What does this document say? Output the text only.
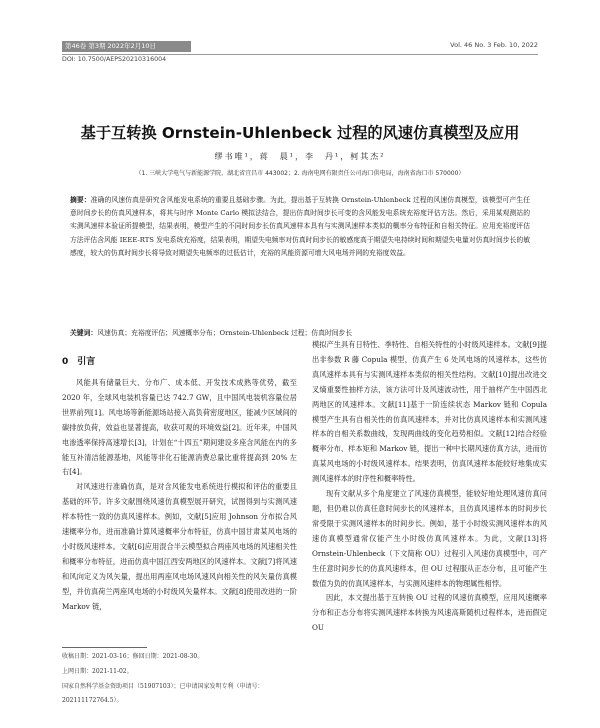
第46卷 第3期 2022年2月10日	Vol. 46 No. 3 Feb. 10, 2022
DOI: 10.7500/AEPS20210316004
基于互转换 Ornstein-Uhlenbeck 过程的风速仿真模型及应用
缪书唯¹，蒋　晨¹，李　丹¹，柯其杰²
（1. 三峡大学电气与新能源学院，湖北省宜昌市 443002；2. 海南电网有限责任公司海口供电局，海南省海口市 570000）
摘要：准确的风速仿真是研究含风能发电系统的重要且基础步骤。为此，提出基于互转换 Ornstein-Uhlenbeck 过程的风速仿真模型，该模型可产生任意时间步长的仿真风速样本，将其与时序 Monte Carlo 模拟法结合，提出仿真时间步长可变的含风能发电系统充裕度评估方法。然后，采用某观测站的实测风速样本验证所提模型，结果表明，模型产生的不同时间步长仿真风速样本具有与实测风速样本类似的概率分布特征和自相关特征。应用充裕度评估方法评估含风能 IEEE-RTS 发电系统充裕度，结果表明，期望失电频率对仿真时间步长的敏感度高于期望失电持续时间和期望失电量对仿真时间步长的敏感度，较大的仿真时间步长将导致对期望失电频率的过低估计，充裕的风能资源可增大风电场并网的充裕度效益。
关键词：风速仿真；充裕度评估；风速概率分布；Ornstein-Uhlenbeck 过程；仿真时间步长
0　引言

风能具有储量巨大、分布广、成本低、开发技术成熟等优势，截至 2020 年，全球风电装机容量已达 742.7 GW，且中国风电装机容量位居世界前列[1]。风电场等新能源场站接入高负荷密度地区，能减少区域间的碳排放负荷，效益也显著提高，收获可观的环境效益[2]。近年来，中国风电渗透率保持高速增长[3]，计划在“十四五”期间建设多座含风能在内的多能互补清洁能源基地，风能等非化石能源消费总量比重将提高到 20% 左右[4]。

对风速进行准确仿真，是对含风能发电系统进行模拟和评估的重要且基础的环节。许多文献围绕风速仿真模型展开研究，试图得到与实测风速样本特性一致的仿真风速样本。例如，文献[5]应用 Johnson 分布拟合风速概率分布，进而准确计算风速概率分布特征，仿真中国甘肃某风电场的小时级风速样本。文献[6]应用混合半云模型拟合两座风电场的风速相关性和概率分布特征，进而仿真中国江西安两地区的风速样本。文献[7]将风速和风向定义为风矢量，提出用两座风电场风速风向相关性的风矢量仿真模型，并仿真荷兰两座风电场的小时级风矢量样本。文献[8]使用改进的一阶 Markov 链，

模拟产生具有日特性、季特性、自相关特性的小时级风速样本。文献[9]提出非参数 R 藤 Copula 模型，仿真产生 6 处风电场的风速样本，这些仿真风速样本具有与实测风速样本类似的相关性结构。文献[10]提出改进交叉熵重要性抽样方法，该方法可计及风速波动性，用于抽样产生中国西北两地区的风速样本。文献[11]基于一阶连续状态 Markov 链和 Copula 模型产生具有自相关性的仿真风速样本，并对比仿真风速样本和实测风速样本的自相关系数曲线，发现两曲线的变化趋势相似。文献[12]结合经验概率分布、样本矩和 Markov 链，提出一种中长期风速仿真方法，进而仿真某风电场的小时级风速样本。结果表明，仿真风速样本能较好地集成实测风速样本的时序性和概率特性。

现有文献从多个角度建立了风速仿真模型，能较好地处理风速仿真问题，但仍难以仿真任意时间步长的风速样本，且仿真风速样本的时间步长常受限于实测风速样本的时间步长。例如，基于小时级实测风速样本的风速仿真模型通常仅能产生小时级仿真风速样本。为此，文献[13]将 Ornstein-Uhlenbeck（下文简称 OU）过程引入风速仿真模型中，可产生任意时间步长的仿真风速样本，但 OU 过程服从正态分布，且可能产生数值为负的仿真风速样本，与实测风速样本的物理属性相悖。

因此，本文提出基于互转换 OU 过程的风速仿真模型，应用风速概率分布和正态分布将实测风速样本转换为风速高斯随机过程样本，进而假定 OU

收稿日期：2021-03-16；修回日期：2021-08-30。
上网日期：2021-11-02。
国家自然科学基金资助项目（51907103）；已申请国家发明专利（申请号：202111172764.5）。
